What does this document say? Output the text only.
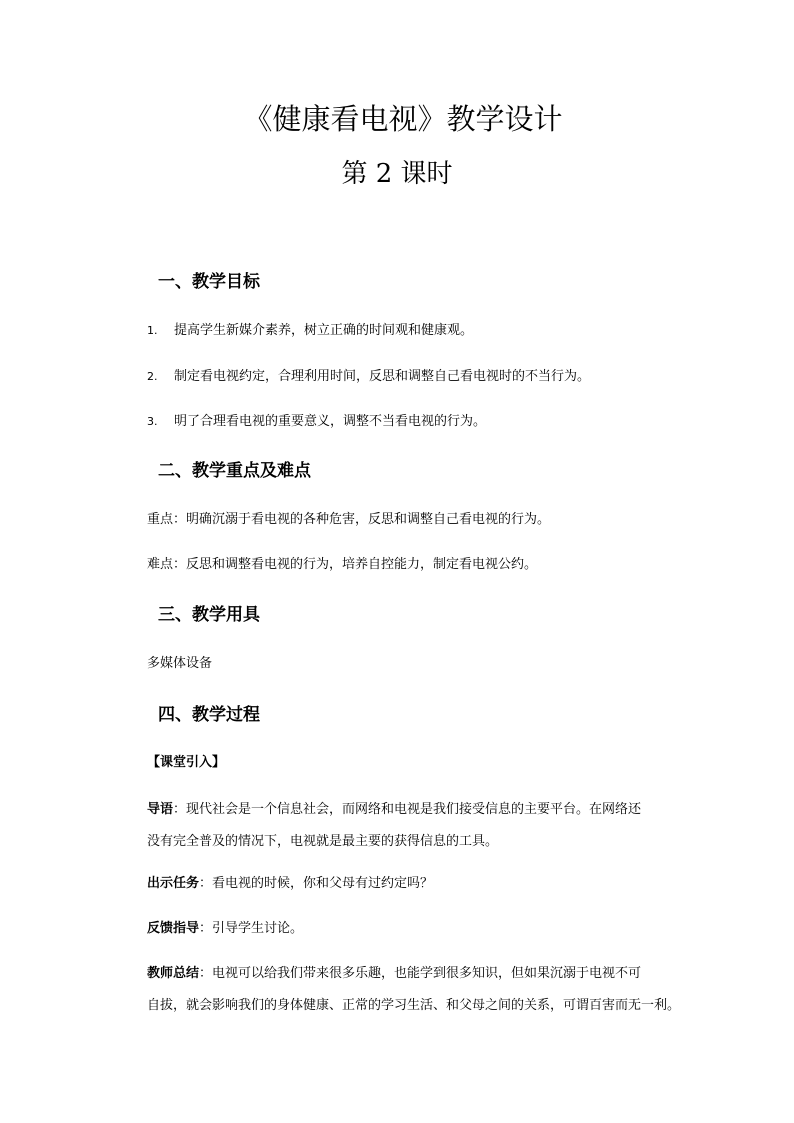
《健康看电视》教学设计
第 2 课时
一、教学目标
1. 提高学生新媒介素养，树立正确的时间观和健康观。
2. 制定看电视约定，合理利用时间，反思和调整自己看电视时的不当行为。
3. 明了合理看电视的重要意义，调整不当看电视的行为。
二、教学重点及难点
重点：明确沉溺于看电视的各种危害，反思和调整自己看电视的行为。
难点：反思和调整看电视的行为，培养自控能力，制定看电视公约。
三、教学用具
多媒体设备
四、教学过程
【课堂引入】
导语：现代社会是一个信息社会，而网络和电视是我们接受信息的主要平台。在网络还
没有完全普及的情况下，电视就是最主要的获得信息的工具。
出示任务：看电视的时候，你和父母有过约定吗？
反馈指导：引导学生讨论。
教师总结：电视可以给我们带来很多乐趣，也能学到很多知识，但如果沉溺于电视不可
自拔，就会影响我们的身体健康、正常的学习生活、和父母之间的关系，可谓百害而无一利。
